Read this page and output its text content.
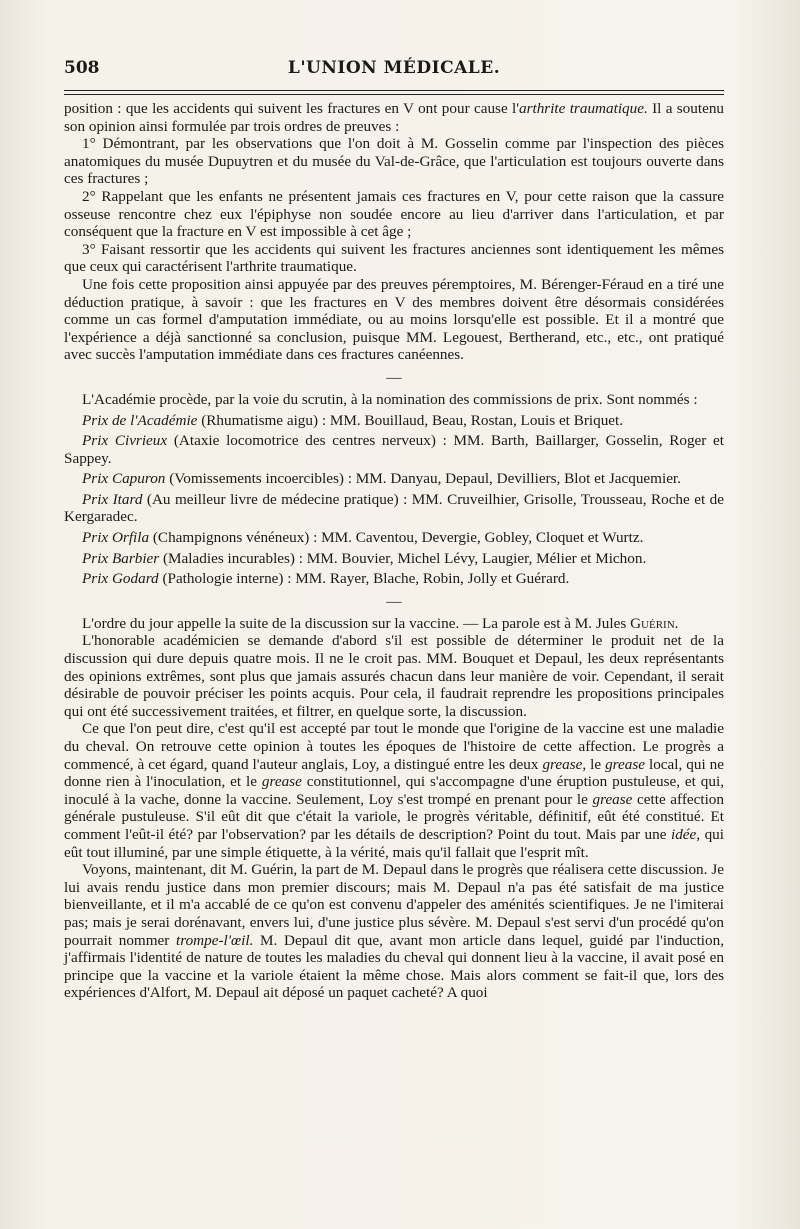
508	L'UNION MÉDICALE.

position : que les accidents qui suivent les fractures en V ont pour cause l'arthrite traumatique. Il a soutenu son opinion ainsi formulée par trois ordres de preuves :

1° Démontrant, par les observations que l'on doit à M. Gosselin comme par l'inspection des pièces anatomiques du musée Dupuytren et du musée du Val-de-Grâce, que l'articulation est toujours ouverte dans ces fractures ;

2° Rappelant que les enfants ne présentent jamais ces fractures en V, pour cette raison que la cassure osseuse rencontre chez eux l'épiphyse non soudée encore au lieu d'arriver dans l'articulation, et par conséquent que la fracture en V est impossible à cet âge ;

3° Faisant ressortir que les accidents qui suivent les fractures anciennes sont identiquement les mêmes que ceux qui caractérisent l'arthrite traumatique.

Une fois cette proposition ainsi appuyée par des preuves péremptoires, M. Bérenger-Féraud en a tiré une déduction pratique, à savoir : que les fractures en V des membres doivent être désormais considérées comme un cas formel d'amputation immédiate, ou au moins lorsqu'elle est possible. Et il a montré que l'expérience a déjà sanctionné sa conclusion, puisque MM. Legouest, Bertherand, etc., etc., ont pratiqué avec succès l'amputation immédiate dans ces fractures canéennes.

—

L'Académie procède, par la voie du scrutin, à la nomination des commissions de prix. Sont nommés :

Prix de l'Académie (Rhumatisme aigu) : MM. Bouillaud, Beau, Rostan, Louis et Briquet.

Prix Civrieux (Ataxie locomotrice des centres nerveux) : MM. Barth, Baillarger, Gosselin, Roger et Sappey.

Prix Capuron (Vomissements incoercibles) : MM. Danyau, Depaul, Devilliers, Blot et Jacquemier.

Prix Itard (Au meilleur livre de médecine pratique) : MM. Cruveilhier, Grisolle, Trousseau, Roche et de Kergaradec.

Prix Orfila (Champignons vénéneux) : MM. Caventou, Devergie, Gobley, Cloquet et Wurtz.

Prix Barbier (Maladies incurables) : MM. Bouvier, Michel Lévy, Laugier, Mélier et Michon.

Prix Godard (Pathologie interne) : MM. Rayer, Blache, Robin, Jolly et Guérard.

—

L'ordre du jour appelle la suite de la discussion sur la vaccine. — La parole est à M. Jules Guérin.

L'honorable académicien se demande d'abord s'il est possible de déterminer le produit net de la discussion qui dure depuis quatre mois. Il ne le croit pas. MM. Bouquet et Depaul, les deux représentants des opinions extrêmes, sont plus que jamais assurés chacun dans leur manière de voir. Cependant, il serait désirable de pouvoir préciser les points acquis. Pour cela, il faudrait reprendre les propositions principales qui ont été successivement traitées, et filtrer, en quelque sorte, la discussion.

Ce que l'on peut dire, c'est qu'il est accepté par tout le monde que l'origine de la vaccine est une maladie du cheval. On retrouve cette opinion à toutes les époques de l'histoire de cette affection. Le progrès a commencé, à cet égard, quand l'auteur anglais, Loy, a distingué entre les deux grease, le grease local, qui ne donne rien à l'inoculation, et le grease constitutionnel, qui s'accompagne d'une éruption pustuleuse, et qui, inoculé à la vache, donne la vaccine. Seulement, Loy s'est trompé en prenant pour le grease cette affection générale pustuleuse. S'il eût dit que c'était la variole, le progrès véritable, définitif, eût été constitué. Et comment l'eût-il été? par l'observation? par les détails de description? Point du tout. Mais par une idée, qui eût tout illuminé, par une simple étiquette, à la vérité, mais qu'il fallait que l'esprit mît.

Voyons, maintenant, dit M. Guérin, la part de M. Depaul dans le progrès que réalisera cette discussion. Je lui avais rendu justice dans mon premier discours; mais M. Depaul n'a pas été satisfait de ma justice bienveillante, et il m'a accablé de ce qu'on est convenu d'appeler des aménités scientifiques. Je ne l'imiterai pas; mais je serai dorénavant, envers lui, d'une justice plus sévère. M. Depaul s'est servi d'un procédé qu'on pourrait nommer trompe-l'œil. M. Depaul dit que, avant mon article dans lequel, guidé par l'induction, j'affirmais l'identité de nature de toutes les maladies du cheval qui donnent lieu à la vaccine, il avait posé en principe que la vaccine et la variole étaient la même chose. Mais alors comment se fait-il que, lors des expériences d'Alfort, M. Depaul ait déposé un paquet cacheté? A quoi
